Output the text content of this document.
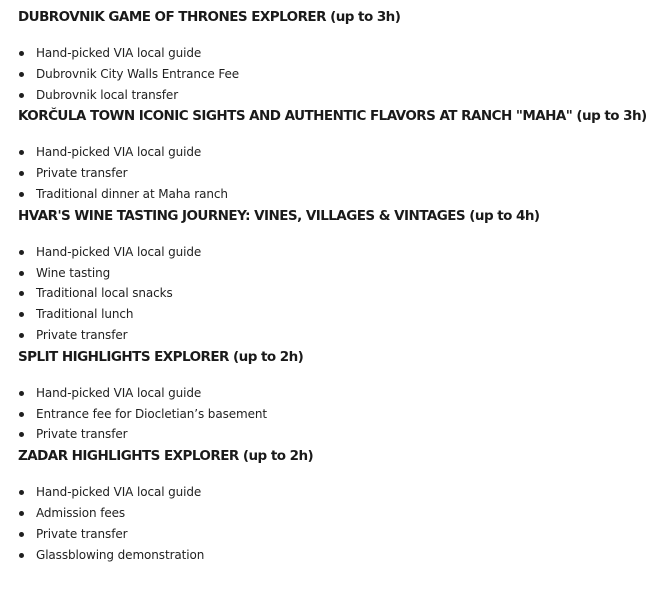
DUBROVNIK GAME OF THRONES EXPLORER (up to 3h)
Hand-picked VIA local guide
Dubrovnik City Walls Entrance Fee
Dubrovnik local transfer
KORČULA TOWN ICONIC SIGHTS AND AUTHENTIC FLAVORS AT RANCH "MAHA" (up to 3h)
Hand-picked VIA local guide
Private transfer
Traditional dinner at Maha ranch
HVAR'S WINE TASTING JOURNEY: VINES, VILLAGES & VINTAGES (up to 4h)
Hand-picked VIA local guide
Wine tasting
Traditional local snacks
Traditional lunch
Private transfer
SPLIT HIGHLIGHTS EXPLORER (up to 2h)
Hand-picked VIA local guide
Entrance fee for Diocletian’s basement
Private transfer
ZADAR HIGHLIGHTS EXPLORER (up to 2h)
Hand-picked VIA local guide
Admission fees
Private transfer
Glassblowing demonstration
